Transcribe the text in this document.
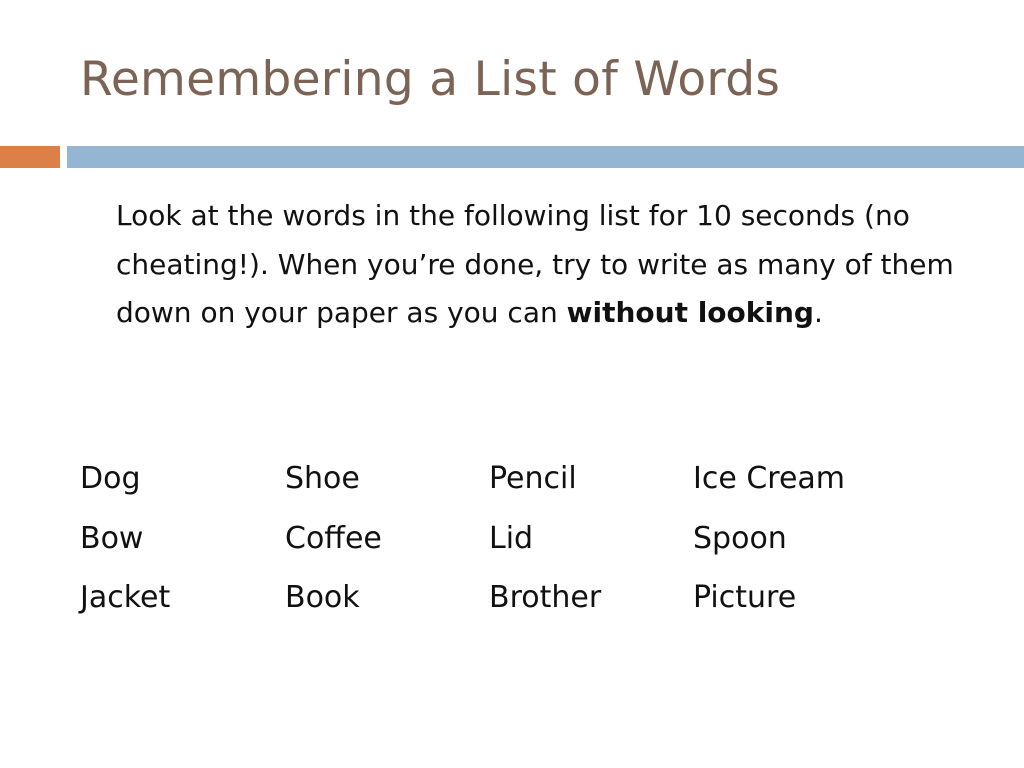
Remembering a List of Words
Look at the words in the following list for 10 seconds (no cheating!). When you’re done, try to write as many of them down on your paper as you can without looking.
Dog	Shoe	Pencil	Ice Cream
Bow	Coffee	Lid	Spoon
Jacket	Book	Brother	Picture
